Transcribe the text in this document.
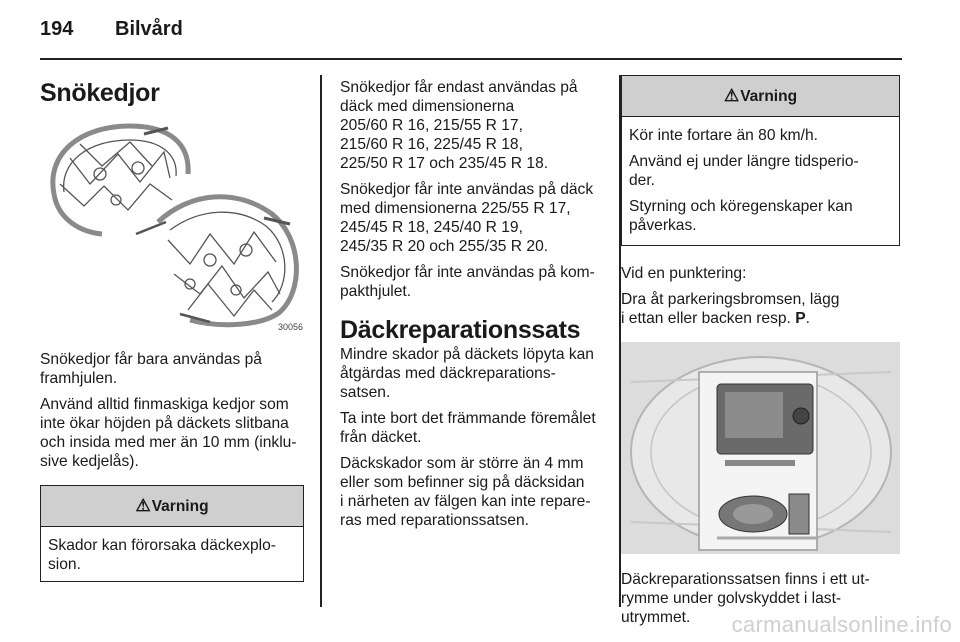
194 Bilvård
Snökedjor
30056

Snökedjor får bara användas på
framhjulen.

Använd alltid finmaskiga kedjor som
inte ökar höjden på däckets slitbana
och insida med mer än 10 mm (inklu-
sive kedjelås).

⚠Varning

Skador kan förorsaka däckexplo-
sion.

Snökedjor får endast användas på
däck med dimensionerna
205/60 R 16, 215/55 R 17,
215/60 R 16, 225/45 R 18,
225/50 R 17 och 235/45 R 18.

Snökedjor får inte användas på däck
med dimensionerna 225/55 R 17,
245/45 R 18, 245/40 R 19,
245/35 R 20 och 255/35 R 20.

Snökedjor får inte användas på kom-
pakthjulet.

Däckreparationssats

Mindre skador på däckets löpyta kan
åtgärdas med däckreparations-
satsen.

Ta inte bort det främmande föremålet
från däcket.

Däckskador som är större än 4 mm
eller som befinner sig på däcksidan
i närheten av fälgen kan inte repare-
ras med reparationssatsen.

⚠Varning

Kör inte fortare än 80 km/h.

Använd ej under längre tidsperio-
der.

Styrning och köregenskaper kan
påverkas.

Vid en punktering:

Dra åt parkeringsbromsen, lägg
i ettan eller backen resp. P.

Däckreparationssatsen finns i ett ut-
rymme under golvskyddet i last-
utrymmet.	carmanualsonline.info
